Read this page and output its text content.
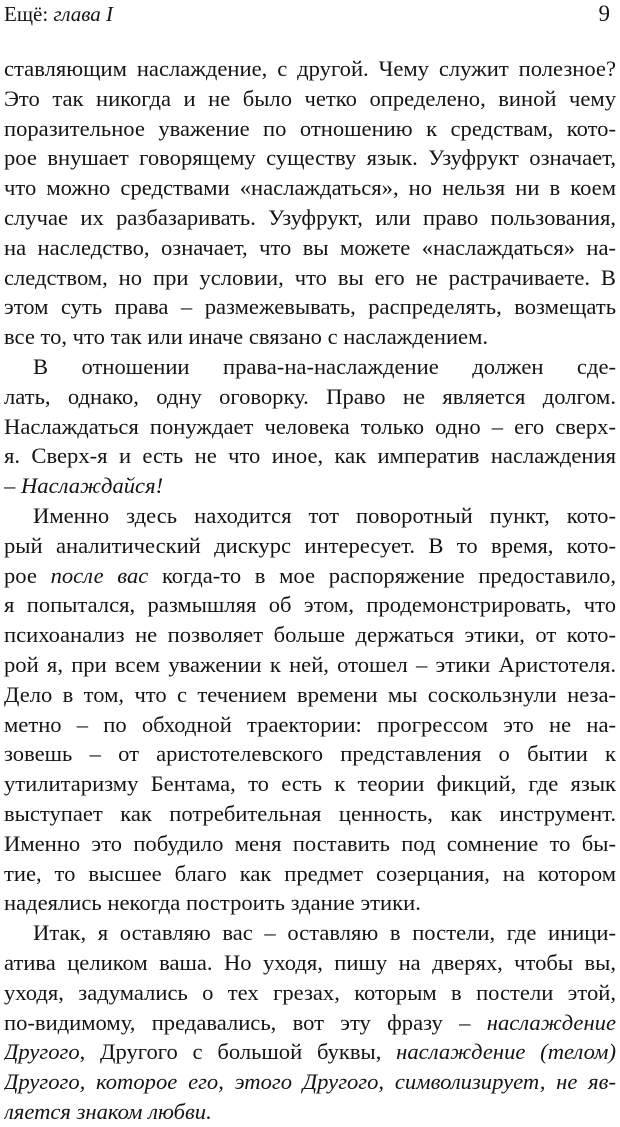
Ещё: глава I	9
ставляющим наслаждение, с другой. Чему служит полезное?
Это так никогда и не было четко определено, виной чему
поразительное уважение по отношению к средствам, кото-
рое внушает говорящему существу язык. Узуфрукт означает,
что можно средствами «наслаждаться», но нельзя ни в коем
случае их разбазаривать. Узуфрукт, или право пользования,
на наследство, означает, что вы можете «наслаждаться» на-
следством, но при условии, что вы его не растрачиваете. В
этом суть права – размежевывать, распределять, возмещать
все то, что так или иначе связано с наслаждением.
В отношении права-на-наслаждение должен сде-
лать, однако, одну оговорку. Право не является долгом.
Наслаждаться понуждает человека только одно – его сверх-
я. Сверх-я и есть не что иное, как императив наслаждения
– Наслаждайся!
Именно здесь находится тот поворотный пункт, кото-
рый аналитический дискурс интересует. В то время, кото-
рое после вас когда-то в мое распоряжение предоставило,
я попытался, размышляя об этом, продемонстрировать, что
психоанализ не позволяет больше держаться этики, от кото-
рой я, при всем уважении к ней, отошел – этики Аристотеля.
Дело в том, что с течением времени мы соскользнули неза-
метно – по обходной траектории: прогрессом это не на-
зовешь – от аристотелевского представления о бытии к
утилитаризму Бентама, то есть к теории фикций, где язык
выступает как потребительная ценность, как инструмент.
Именно это побудило меня поставить под сомнение то бы-
тие, то высшее благо как предмет созерцания, на котором
надеялись некогда построить здание этики.
Итак, я оставляю вас – оставляю в постели, где иници-
атива целиком ваша. Но уходя, пишу на дверях, чтобы вы,
уходя, задумались о тех грезах, которым в постели этой,
по-видимому, предавались, вот эту фразу – наслаждение
Другого, Другого с большой буквы, наслаждение (телом)
Другого, которое его, этого Другого, символизирует, не яв-
ляется знаком любви.
